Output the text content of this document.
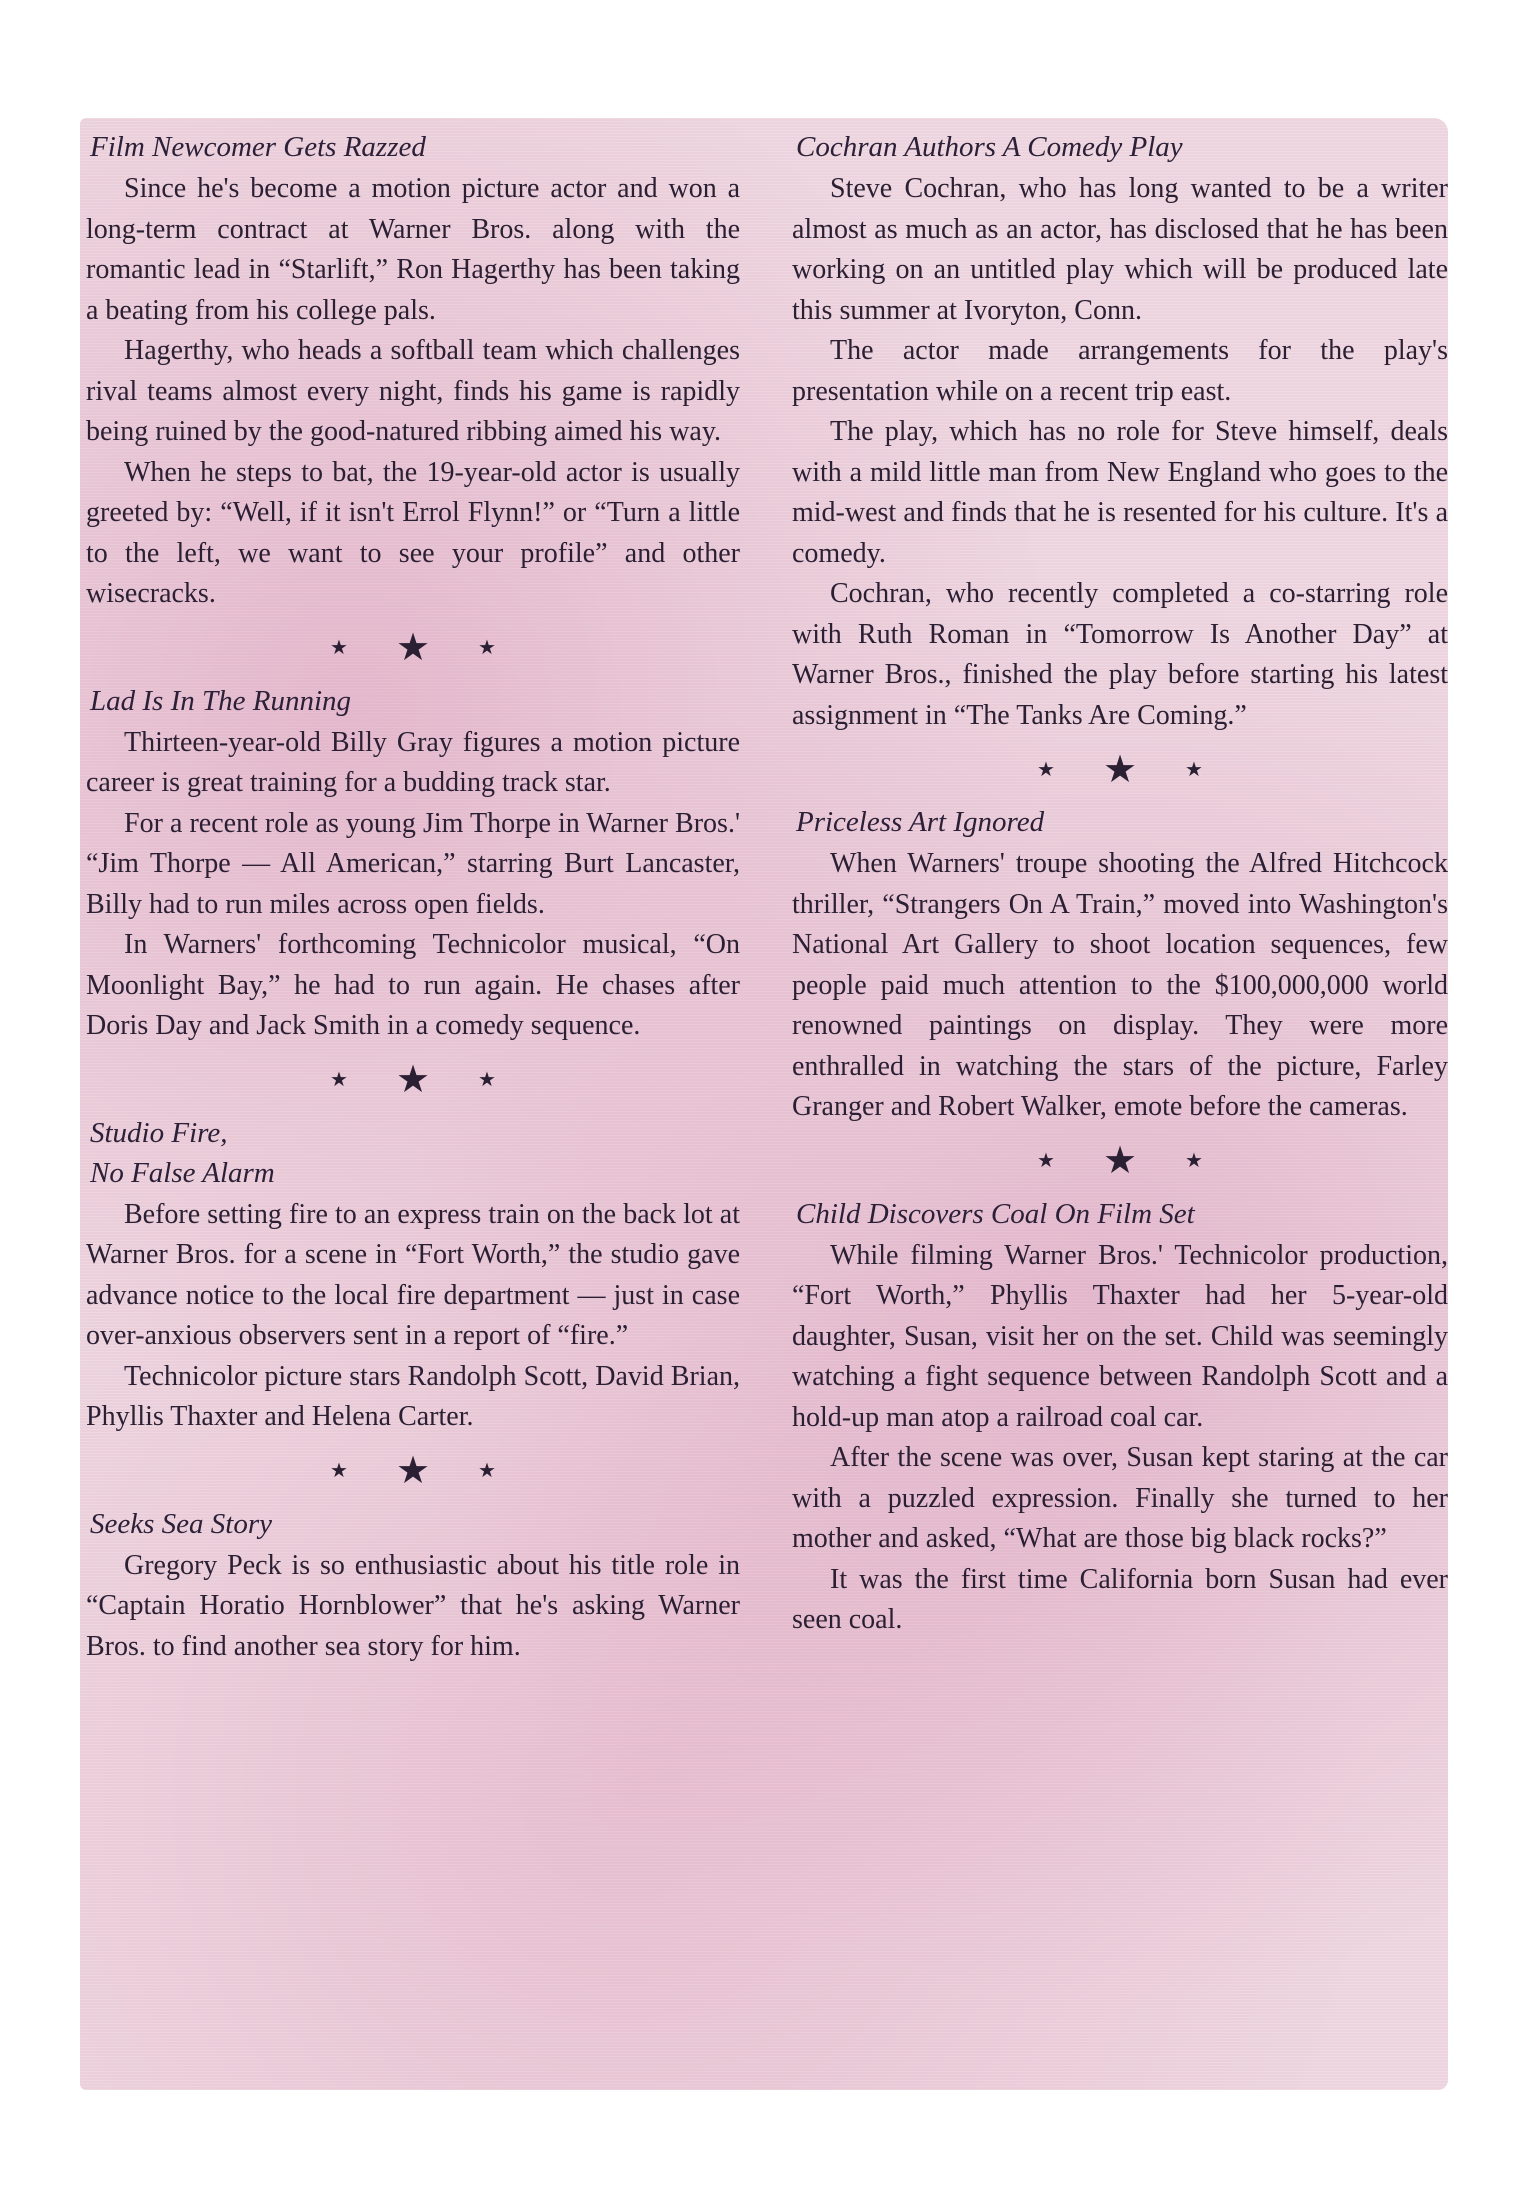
Film Newcomer Gets Razzed

Since he's become a motion picture actor and won a long-term contract at Warner Bros. along with the romantic lead in “Starlift,” Ron Hagerthy has been taking a beating from his college pals.

Hagerthy, who heads a softball team which challenges rival teams almost every night, finds his game is rapidly being ruined by the good-natured ribbing aimed his way.

When he steps to bat, the 19-year-old actor is usually greeted by: “Well, if it isn't Errol Flynn!” or “Turn a little to the left, we want to see your profile” and other wisecracks.

★ ★ ★
Lad Is In The Running

Thirteen-year-old Billy Gray figures a motion picture career is great training for a budding track star.

For a recent role as young Jim Thorpe in Warner Bros.' “Jim Thorpe — All American,” starring Burt Lancaster, Billy had to run miles across open fields.

In Warners' forthcoming Technicolor musical, “On Moonlight Bay,” he had to run again. He chases after Doris Day and Jack Smith in a comedy sequence.

★ ★ ★
Studio Fire,
No False Alarm

Before setting fire to an express train on the back lot at Warner Bros. for a scene in “Fort Worth,” the studio gave advance notice to the local fire department — just in case over-anxious observers sent in a report of “fire.”

Technicolor picture stars Randolph Scott, David Brian, Phyllis Thaxter and Helena Carter.

★ ★ ★
Seeks Sea Story

Gregory Peck is so enthusiastic about his title role in “Captain Horatio Hornblower” that he's asking Warner Bros. to find another sea story for him.

Cochran Authors A Comedy Play

Steve Cochran, who has long wanted to be a writer almost as much as an actor, has disclosed that he has been working on an untitled play which will be produced late this summer at Ivoryton, Conn.

The actor made arrangements for the play's presentation while on a recent trip east.

The play, which has no role for Steve himself, deals with a mild little man from New England who goes to the mid-west and finds that he is resented for his culture. It's a comedy.

Cochran, who recently completed a co-starring role with Ruth Roman in “Tomorrow Is Another Day” at Warner Bros., finished the play before starting his latest assignment in “The Tanks Are Coming.”

★ ★ ★
Priceless Art Ignored

When Warners' troupe shooting the Alfred Hitchcock thriller, “Strangers On A Train,” moved into Washington's National Art Gallery to shoot location sequences, few people paid much attention to the $100,000,000 world renowned paintings on display. They were more enthralled in watching the stars of the picture, Farley Granger and Robert Walker, emote before the cameras.

★ ★ ★
Child Discovers Coal On Film Set

While filming Warner Bros.' Technicolor production, “Fort Worth,” Phyllis Thaxter had her 5-year-old daughter, Susan, visit her on the set. Child was seemingly watching a fight sequence between Randolph Scott and a hold-up man atop a railroad coal car.

After the scene was over, Susan kept staring at the car with a puzzled expression. Finally she turned to her mother and asked, “What are those big black rocks?”

It was the first time California born Susan had ever seen coal.
